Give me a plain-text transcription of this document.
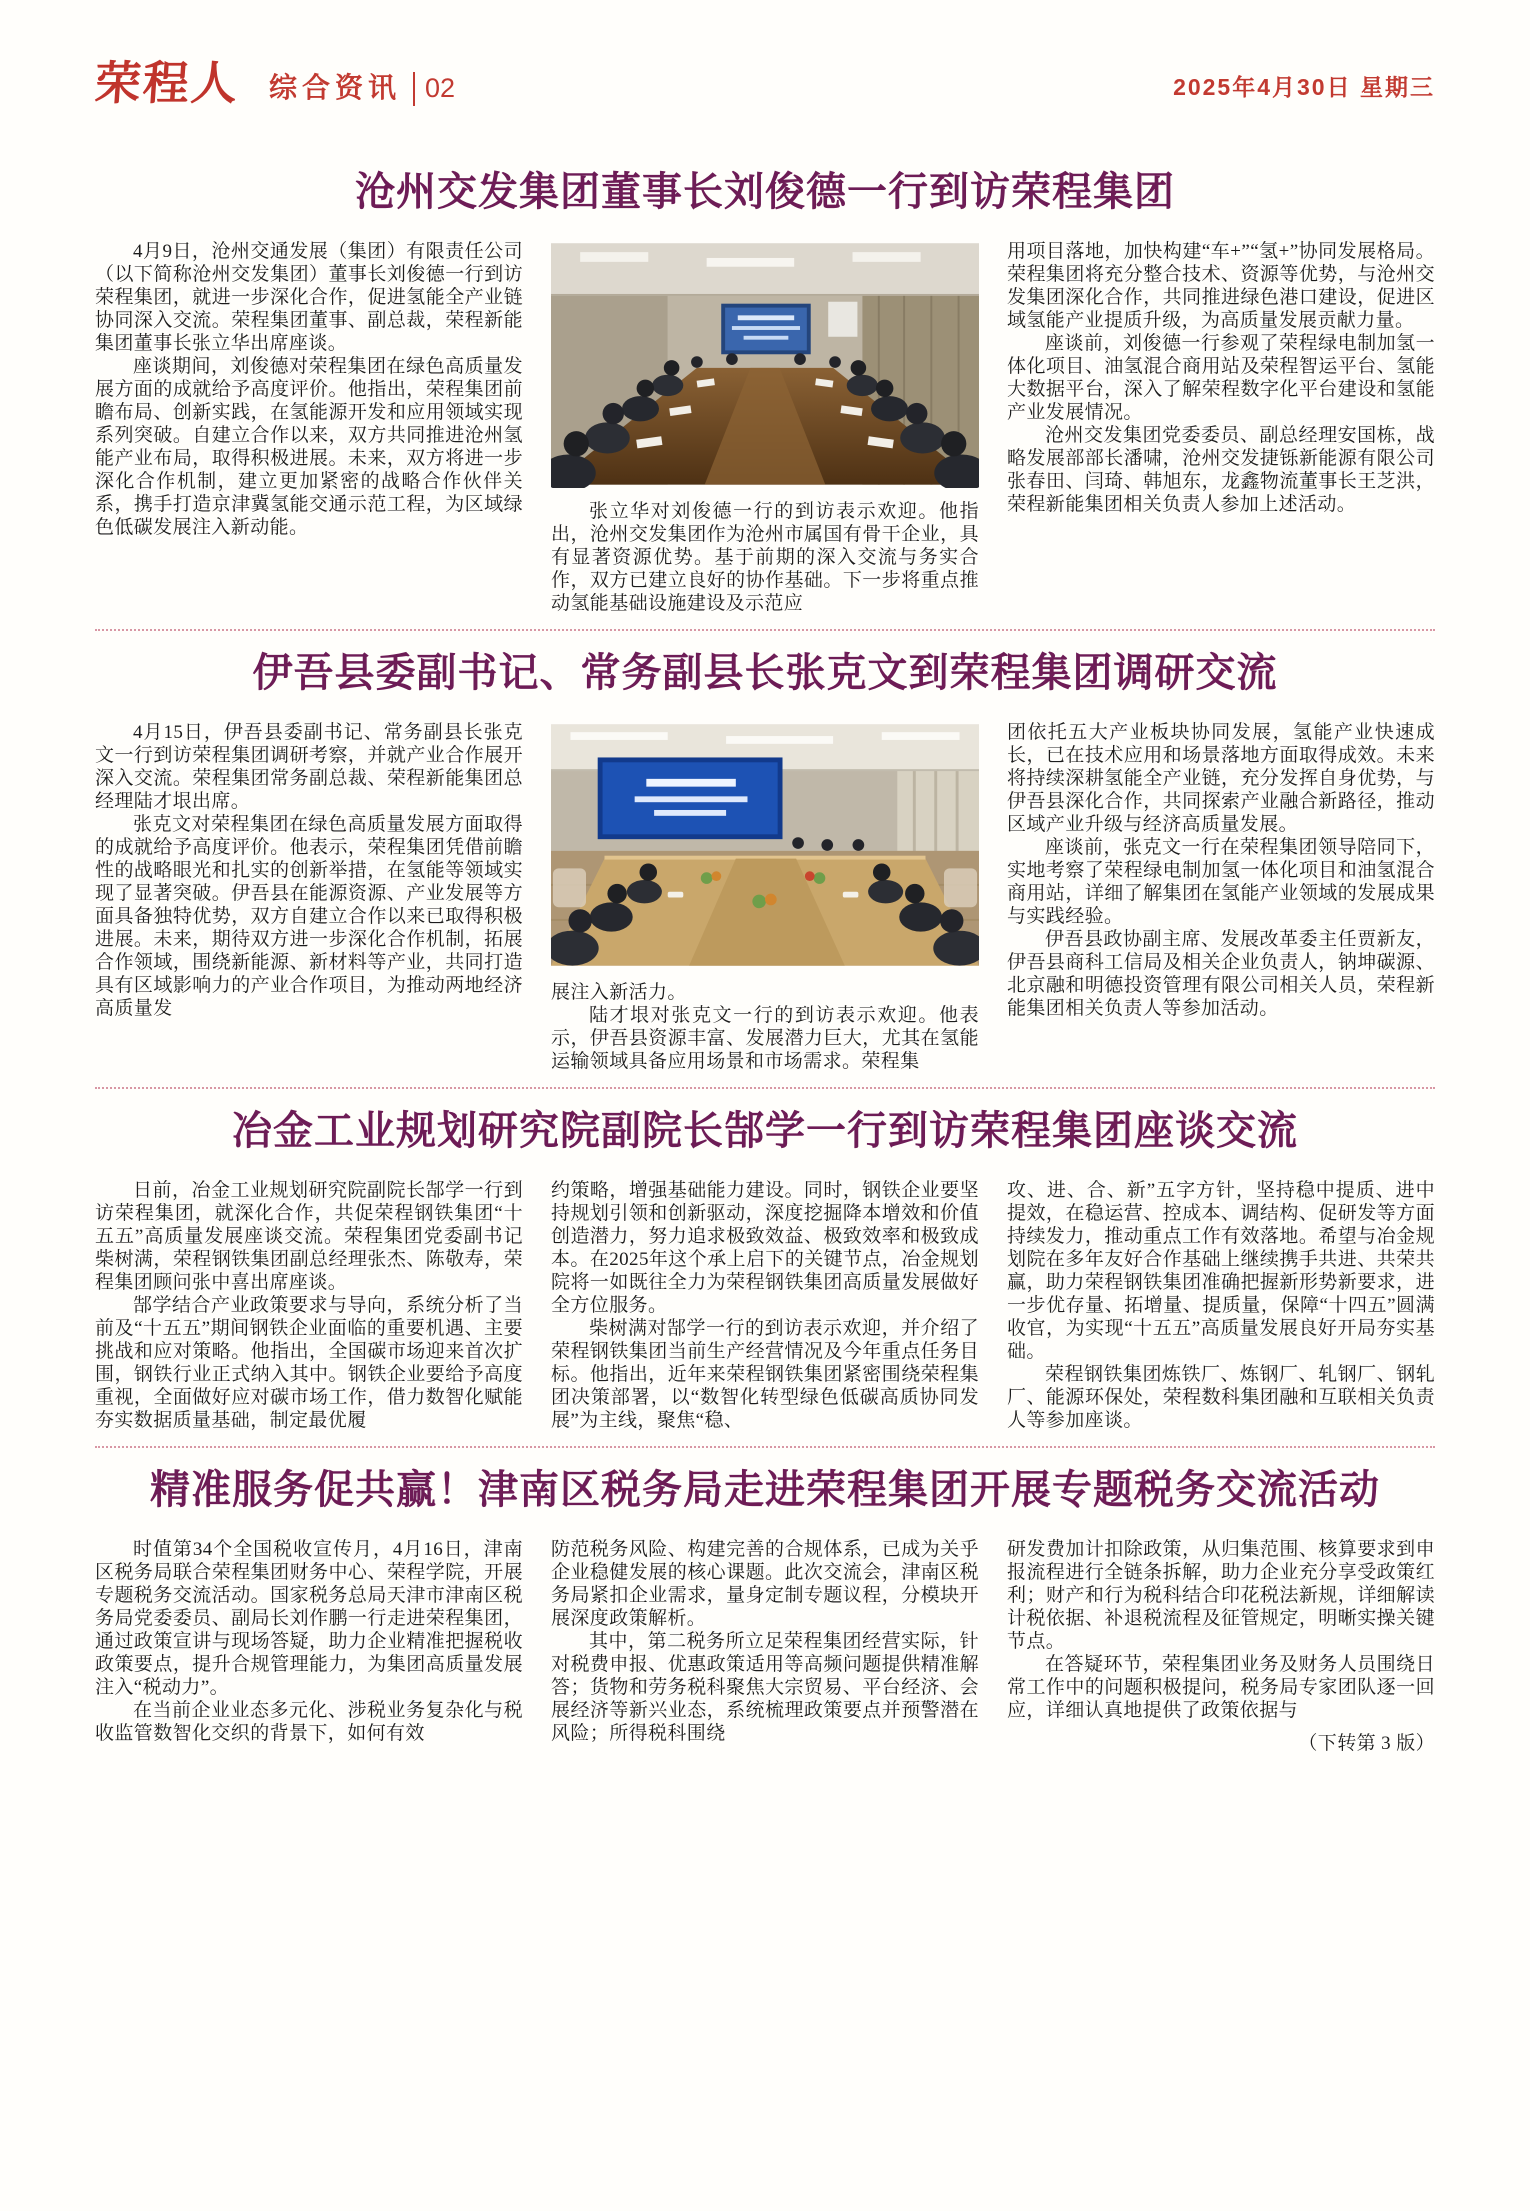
荣程人 综合资讯 02	2025年4月30日 星期三
沧州交发集团董事长刘俊德一行到访荣程集团

4月9日，沧州交通发展（集团）有限责任公司（以下简称沧州交发集团）董事长刘俊德一行到访荣程集团，就进一步深化合作，促进氢能全产业链协同深入交流。荣程集团董事、副总裁，荣程新能集团董事长张立华出席座谈。

座谈期间，刘俊德对荣程集团在绿色高质量发展方面的成就给予高度评价。他指出，荣程集团前瞻布局、创新实践，在氢能源开发和应用领域实现系列突破。自建立合作以来，双方共同推进沧州氢能产业布局，取得积极进展。未来，双方将进一步深化合作机制，建立更加紧密的战略合作伙伴关系，携手打造京津冀氢能交通示范工程，为区域绿色低碳发展注入新动能。

张立华对刘俊德一行的到访表示欢迎。他指出，沧州交发集团作为沧州市属国有骨干企业，具有显著资源优势。基于前期的深入交流与务实合作，双方已建立良好的协作基础。下一步将重点推动氢能基础设施建设及示范应

用项目落地，加快构建“车+”“氢+”协同发展格局。荣程集团将充分整合技术、资源等优势，与沧州交发集团深化合作，共同推进绿色港口建设，促进区域氢能产业提质升级，为高质量发展贡献力量。

座谈前，刘俊德一行参观了荣程绿电制加氢一体化项目、油氢混合商用站及荣程智运平台、氢能大数据平台，深入了解荣程数字化平台建设和氢能产业发展情况。

沧州交发集团党委委员、副总经理安国栋，战略发展部部长潘啸，沧州交发捷铄新能源有限公司张春田、闫琦、韩旭东，龙鑫物流董事长王芝洪，荣程新能集团相关负责人参加上述活动。

伊吾县委副书记、常务副县长张克文到荣程集团调研交流

4月15日，伊吾县委副书记、常务副县长张克文一行到访荣程集团调研考察，并就产业合作展开深入交流。荣程集团常务副总裁、荣程新能集团总经理陆才垠出席。

张克文对荣程集团在绿色高质量发展方面取得的成就给予高度评价。他表示，荣程集团凭借前瞻性的战略眼光和扎实的创新举措，在氢能等领域实现了显著突破。伊吾县在能源资源、产业发展等方面具备独特优势，双方自建立合作以来已取得积极进展。未来，期待双方进一步深化合作机制，拓展合作领域，围绕新能源、新材料等产业，共同打造具有区域影响力的产业合作项目，为推动两地经济高质量发

展注入新活力。

陆才垠对张克文一行的到访表示欢迎。他表示，伊吾县资源丰富、发展潜力巨大，尤其在氢能运输领域具备应用场景和市场需求。荣程集

团依托五大产业板块协同发展，氢能产业快速成长，已在技术应用和场景落地方面取得成效。未来将持续深耕氢能全产业链，充分发挥自身优势，与伊吾县深化合作，共同探索产业融合新路径，推动区域产业升级与经济高质量发展。

座谈前，张克文一行在荣程集团领导陪同下，实地考察了荣程绿电制加氢一体化项目和油氢混合商用站，详细了解集团在氢能产业领域的发展成果与实践经验。

伊吾县政协副主席、发展改革委主任贾新友，伊吾县商科工信局及相关企业负责人，钠坤碳源、北京融和明德投资管理有限公司相关人员，荣程新能集团相关负责人等参加活动。

冶金工业规划研究院副院长郜学一行到访荣程集团座谈交流

日前，冶金工业规划研究院副院长郜学一行到访荣程集团，就深化合作，共促荣程钢铁集团“十五五”高质量发展座谈交流。荣程集团党委副书记柴树满，荣程钢铁集团副总经理张杰、陈敬寿，荣程集团顾问张中喜出席座谈。

郜学结合产业政策要求与导向，系统分析了当前及“十五五”期间钢铁企业面临的重要机遇、主要挑战和应对策略。他指出，全国碳市场迎来首次扩围，钢铁行业正式纳入其中。钢铁企业要给予高度重视，全面做好应对碳市场工作，借力数智化赋能夯实数据质量基础，制定最优履

约策略，增强基础能力建设。同时，钢铁企业要坚持规划引领和创新驱动，深度挖掘降本增效和价值创造潜力，努力追求极致效益、极致效率和极致成本。在2025年这个承上启下的关键节点，冶金规划院将一如既往全力为荣程钢铁集团高质量发展做好全方位服务。

柴树满对郜学一行的到访表示欢迎，并介绍了荣程钢铁集团当前生产经营情况及今年重点任务目标。他指出，近年来荣程钢铁集团紧密围绕荣程集团决策部署，以“数智化转型绿色低碳高质协同发展”为主线，聚焦“稳、

攻、进、合、新”五字方针，坚持稳中提质、进中提效，在稳运营、控成本、调结构、促研发等方面持续发力，推动重点工作有效落地。希望与冶金规划院在多年友好合作基础上继续携手共进、共荣共赢，助力荣程钢铁集团准确把握新形势新要求，进一步优存量、拓增量、提质量，保障“十四五”圆满收官，为实现“十五五”高质量发展良好开局夯实基础。

荣程钢铁集团炼铁厂、炼钢厂、轧钢厂、钢轧厂、能源环保处，荣程数科集团融和互联相关负责人等参加座谈。

精准服务促共赢！津南区税务局走进荣程集团开展专题税务交流活动

时值第34个全国税收宣传月，4月16日，津南区税务局联合荣程集团财务中心、荣程学院，开展专题税务交流活动。国家税务总局天津市津南区税务局党委委员、副局长刘作鹏一行走进荣程集团，通过政策宣讲与现场答疑，助力企业精准把握税收政策要点，提升合规管理能力，为集团高质量发展注入“税动力”。

在当前企业业态多元化、涉税业务复杂化与税收监管数智化交织的背景下，如何有效

防范税务风险、构建完善的合规体系，已成为关乎企业稳健发展的核心课题。此次交流会，津南区税务局紧扣企业需求，量身定制专题议程，分模块开展深度政策解析。

其中，第二税务所立足荣程集团经营实际，针对税费申报、优惠政策适用等高频问题提供精准解答；货物和劳务税科聚焦大宗贸易、平台经济、会展经济等新兴业态，系统梳理政策要点并预警潜在风险；所得税科围绕

研发费加计扣除政策，从归集范围、核算要求到申报流程进行全链条拆解，助力企业充分享受政策红利；财产和行为税科结合印花税法新规，详细解读计税依据、补退税流程及征管规定，明晰实操关键节点。

在答疑环节，荣程集团业务及财务人员围绕日常工作中的问题积极提问，税务局专家团队逐一回应，详细认真地提供了政策依据与

（下转第 3 版）
